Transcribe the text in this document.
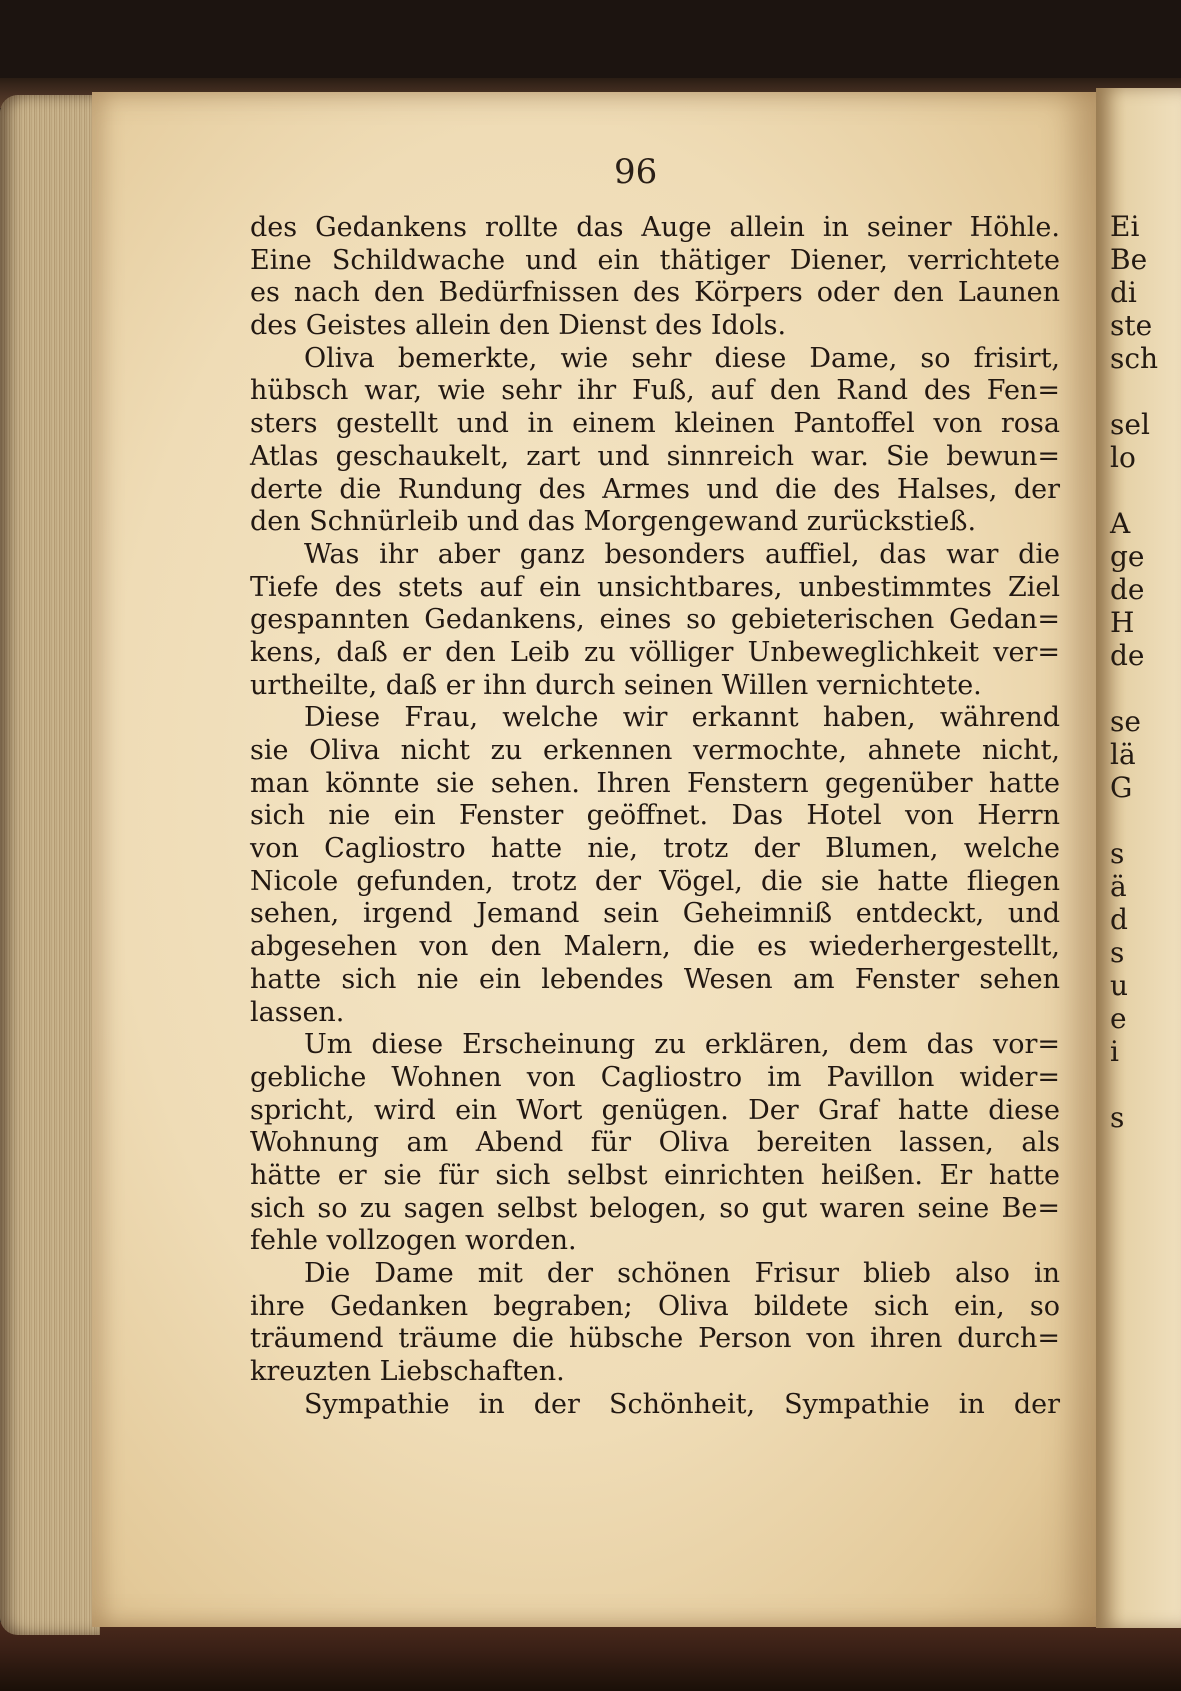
Ei
Be
di
ste
sch
sel
lo
A
ge
de
H
de
se
lä
G
s
ä
d
s
u
e
i
s
96
des Gedankens rollte das Auge allein in seiner Höhle.
Eine Schildwache und ein thätiger Diener, verrichtete
es nach den Bedürfnissen des Körpers oder den Launen
des Geistes allein den Dienst des Idols.
Oliva bemerkte, wie sehr diese Dame, so frisirt,
hübsch war, wie sehr ihr Fuß, auf den Rand des Fen=
sters gestellt und in einem kleinen Pantoffel von rosa
Atlas geschaukelt, zart und sinnreich war. Sie bewun=
derte die Rundung des Armes und die des Halses, der
den Schnürleib und das Morgengewand zurückstieß.
Was ihr aber ganz besonders auffiel, das war die
Tiefe des stets auf ein unsichtbares, unbestimmtes Ziel
gespannten Gedankens, eines so gebieterischen Gedan=
kens, daß er den Leib zu völliger Unbeweglichkeit ver=
urtheilte, daß er ihn durch seinen Willen vernichtete.
Diese Frau, welche wir erkannt haben, während
sie Oliva nicht zu erkennen vermochte, ahnete nicht,
man könnte sie sehen. Ihren Fenstern gegenüber hatte
sich nie ein Fenster geöffnet. Das Hotel von Herrn
von Cagliostro hatte nie, trotz der Blumen, welche
Nicole gefunden, trotz der Vögel, die sie hatte fliegen
sehen, irgend Jemand sein Geheimniß entdeckt, und
abgesehen von den Malern, die es wiederhergestellt,
hatte sich nie ein lebendes Wesen am Fenster sehen
lassen.
Um diese Erscheinung zu erklären, dem das vor=
gebliche Wohnen von Cagliostro im Pavillon wider=
spricht, wird ein Wort genügen. Der Graf hatte diese
Wohnung am Abend für Oliva bereiten lassen, als
hätte er sie für sich selbst einrichten heißen. Er hatte
sich so zu sagen selbst belogen, so gut waren seine Be=
fehle vollzogen worden.
Die Dame mit der schönen Frisur blieb also in
ihre Gedanken begraben; Oliva bildete sich ein, so
träumend träume die hübsche Person von ihren durch=
kreuzten Liebschaften.
Sympathie in der Schönheit, Sympathie in der
